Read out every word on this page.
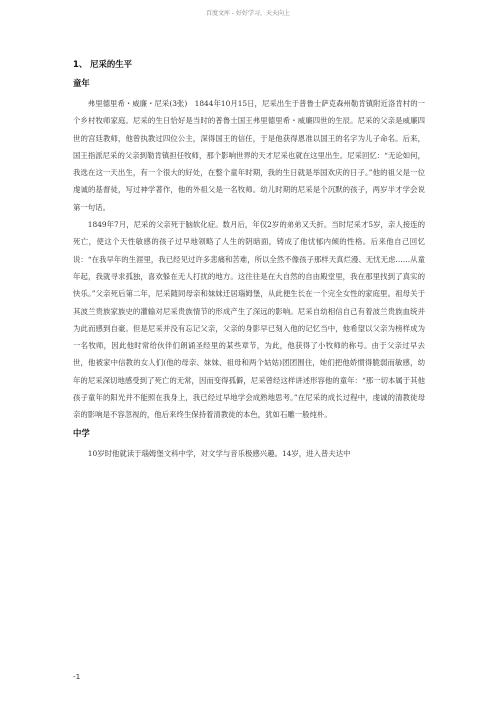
百度文库 - 好好学习，天天向上
1、 尼采的生平
童年

弗里德里希・威廉・尼采(3张)　1844年10月15日，尼采出生于普鲁士萨克森州勒肯镇附近洛肯村的一个乡村牧师家庭。尼采的生日恰好是当时的普鲁士国王弗里德里希・威廉四世的生辰。尼采的父亲是威廉四世的宫廷教师，他曾执教过四位公主，深得国王的信任，于是他获得恩准以国王的名字为儿子命名。后来，国王指派尼采的父亲到勒肯镇担任牧师，那个影响世界的天才尼采也就在这里出生。尼采回忆：“无论如何，我选在这一天出生，有一个很大的好处，在整个童年时期，我的生日就是举国欢庆的日子。”他的祖父是一位虔诚的基督徒，写过神学著作，他的外祖父是一名牧师。幼儿时期的尼采是个沉默的孩子，两岁半才学会说第一句话。

1849年7月，尼采的父亲死于脑软化症。数月后，年仅2岁的弟弟又夭折。当时尼采才5岁，亲人接连的死亡，使这个天性敏感的孩子过早地领略了人生的阴暗面，铸成了他忧郁内倾的性格。后来他自己回忆说：“在我早年的生涯里，我已经见过许多悲痛和苦难，所以全然不像孩子那样天真烂漫、无忧无虑……从童年起，我就寻求孤独，喜欢躲在无人打扰的地方。这往往是在大自然的自由殿堂里，我在那里找到了真实的快乐。”父亲死后第二年，尼采随同母亲和妹妹迁居瑙姆堡，从此便生长在一个完全女性的家庭里。祖母关于其波兰贵族家族史的灌输对尼采贵族情节的形成产生了深远的影响。尼采自幼相信自己有着波兰贵族血统并为此而感到自豪。但是尼采并没有忘记父亲，父亲的身影早已刻入他的记忆当中，他希望以父亲为榜样成为一名牧师，因此他时常给伙伴们朗诵圣经里的某些章节，为此，他获得了小牧师的称号。由于父亲过早去世，他被家中信教的女人们(他的母亲、妹妹、祖母和两个姑姑)团团围住，她们把他娇惯得脆弱而敏感，幼年的尼采深切地感受到了死亡的无常，因而变得孤僻，尼采曾经这样讲述形容他的童年：“那一切本属于其他孩子童年的阳光并不能照在我身上，我已经过早地学会成熟地思考。”在尼采的成长过程中，虔诚的清教徒母亲的影响是不容忽视的，他后来终生保持着清教徒的本色，犹如石雕一般纯朴。

中学

10岁时他就读于瑙姆堡文科中学，对文学与音乐极感兴趣。14岁，进入普夫达中

-1
